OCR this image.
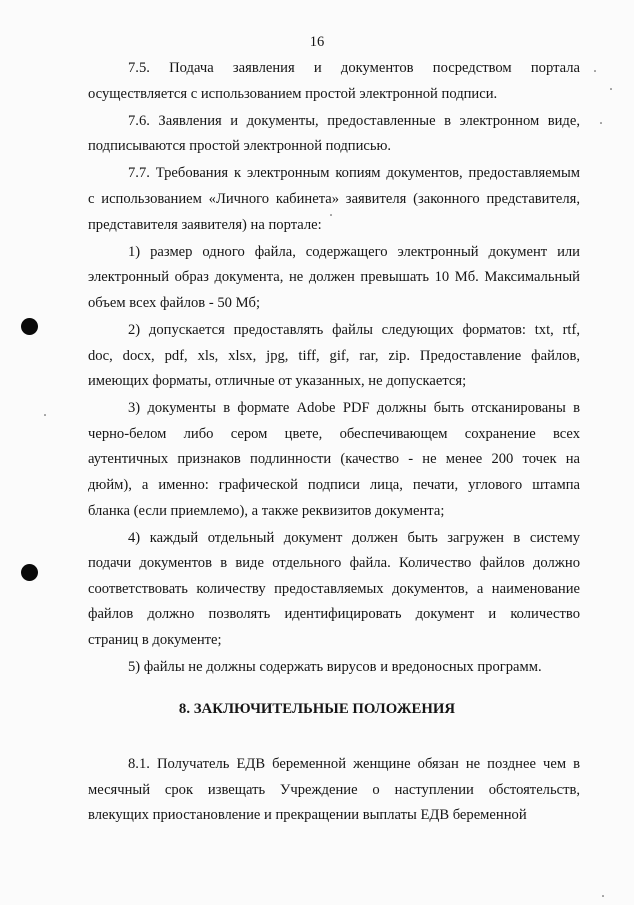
16
7.5. Подача заявления и документов посредством портала
осуществляется с использованием простой электронной подписи.
7.6. Заявления и документы, предоставленные в электронном виде,
подписываются простой электронной подписью.
7.7. Требования к электронным копиям документов, предоставляемым
с использованием «Личного кабинета» заявителя (законного представителя,
представителя заявителя) на портале:
1) размер одного файла, содержащего электронный документ или
электронный образ документа, не должен превышать 10 Мб. Максимальный
объем всех файлов - 50 Мб;
2) допускается предоставлять файлы следующих форматов: txt, rtf,
doc, docx, pdf, xls, xlsx, jpg, tiff, gif, rar, zip. Предоставление файлов,
имеющих форматы, отличные от указанных, не допускается;
3) документы в формате Adobe PDF должны быть отсканированы в
черно-белом либо сером цвете, обеспечивающем сохранение всех
аутентичных признаков подлинности (качество - не менее 200 точек на
дюйм), а именно: графической подписи лица, печати, углового штампа
бланка (если приемлемо), а также реквизитов документа;
4) каждый отдельный документ должен быть загружен в систему
подачи документов в виде отдельного файла. Количество файлов должно
соответствовать количеству предоставляемых документов, а наименование
файлов должно позволять идентифицировать документ и количество
страниц в документе;
5) файлы не должны содержать вирусов и вредоносных программ.
8. ЗАКЛЮЧИТЕЛЬНЫЕ ПОЛОЖЕНИЯ
8.1. Получатель ЕДВ беременной женщине обязан не позднее чем в
месячный срок извещать Учреждение о наступлении обстоятельств,
влекущих приостановление и прекращении выплаты ЕДВ беременной
